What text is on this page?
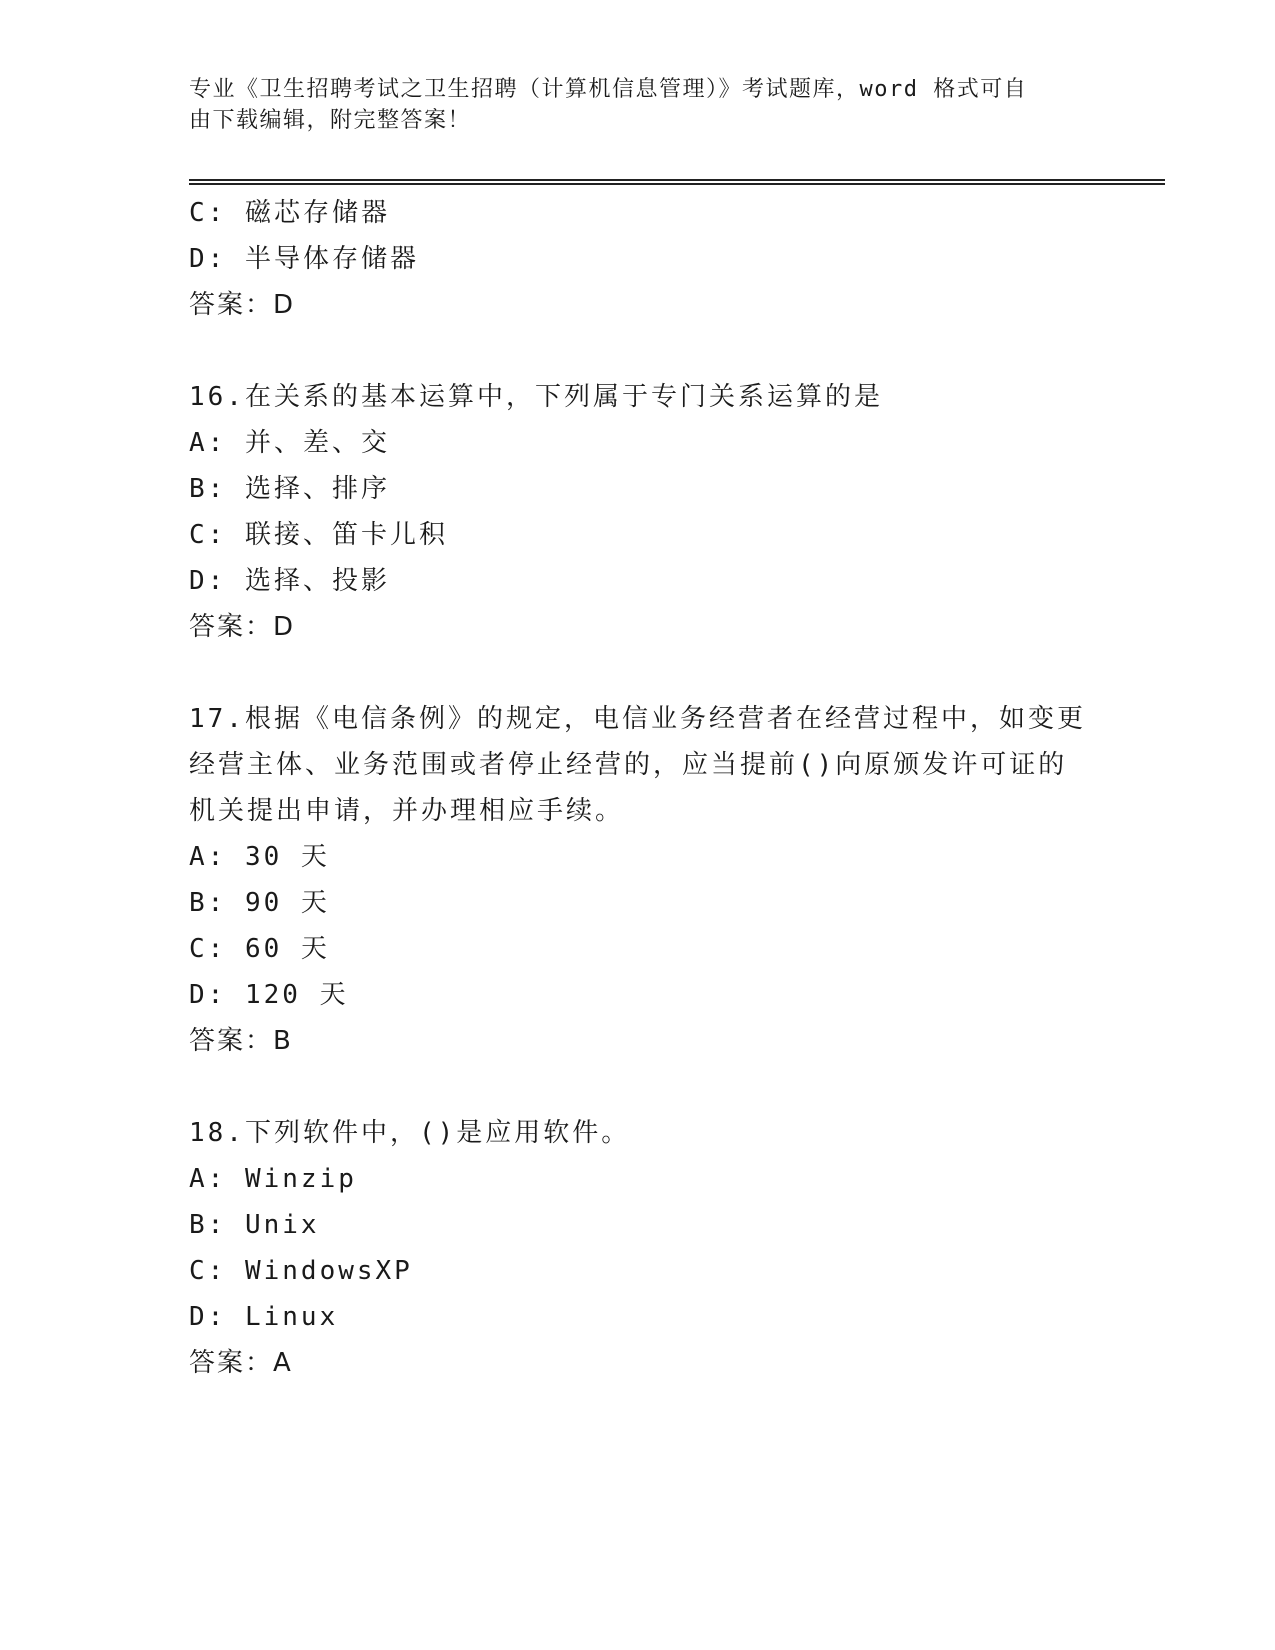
专业《卫生招聘考试之卫生招聘（计算机信息管理）》考试题库，word 格式可自
由下载编辑，附完整答案！
C: 磁芯存储器
D: 半导体存储器
答案：D
16.在关系的基本运算中，下列属于专门关系运算的是
A: 并、差、交
B: 选择、排序
C: 联接、笛卡儿积
D: 选择、投影
答案：D
17.根据《电信条例》的规定，电信业务经营者在经营过程中，如变更
经营主体、业务范围或者停止经营的，应当提前()向原颁发许可证的
机关提出申请，并办理相应手续。
A: 30 天
B: 90 天
C: 60 天
D: 120 天
答案：B
18.下列软件中，()是应用软件。
A: Winzip
B: Unix
C: WindowsXP
D: Linux
答案：A
